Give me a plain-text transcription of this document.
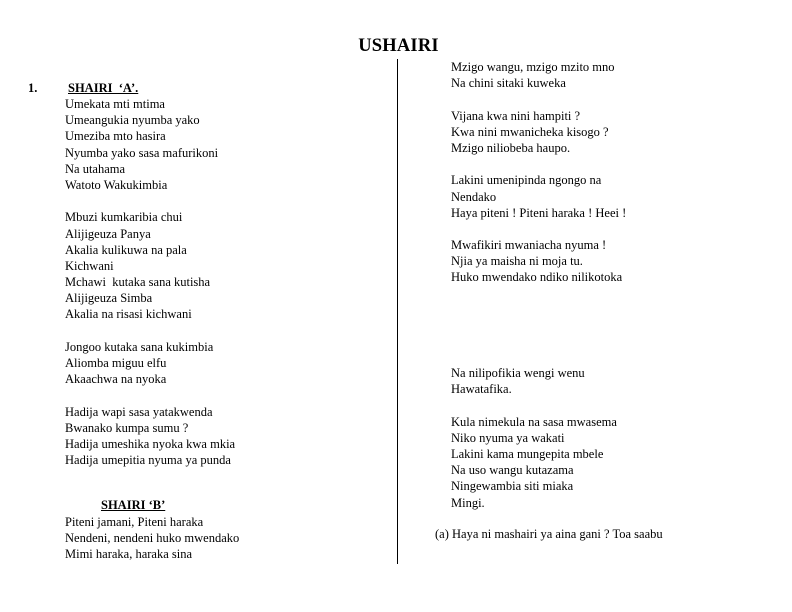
USHAIRI
1. SHAIRI  ‘A’.
Umekata mti mtima
Umeangukia nyumba yako
Umeziba mto hasira
Nyumba yako sasa mafurikoni
Na utahama
Watoto Wakukimbia
Mbuzi kumkaribia chui
Alijigeuza Panya
Akalia kulikuwa na pala
Kichwani
Mchawi  kutaka sana kutisha
Alijigeuza Simba
Akalia na risasi kichwani
Jongoo kutaka sana kukimbia
Aliomba miguu elfu
Akaachwa na nyoka
Hadija wapi sasa yatakwenda
Bwanako kumpa sumu ?
Hadija umeshika nyoka kwa mkia
Hadija umepitia nyuma ya punda
SHAIRI ‘B’
Piteni jamani, Piteni haraka
Nendeni, nendeni huko mwendako
Mimi haraka, haraka sina
Mzigo wangu, mzigo mzito mno
Na chini sitaki kuweka
Vijana kwa nini hampiti ?
Kwa nini mwanicheka kisogo ?
Mzigo niliobeba haupo.
Lakini umenipinda ngongo na
Nendako
Haya piteni ! Piteni haraka ! Heei !
Mwafikiri mwaniacha nyuma !
Njia ya maisha ni moja tu.
Huko mwendako ndiko nilikotoka
Na nilipofikia wengi wenu
Hawatafika.
Kula nimekula na sasa mwasema
Niko nyuma ya wakati
Lakini kama mungepita mbele
Na uso wangu kutazama
Ningewambia siti miaka
Mingi.
(a) Haya ni mashairi ya aina gani ? Toa saabu
